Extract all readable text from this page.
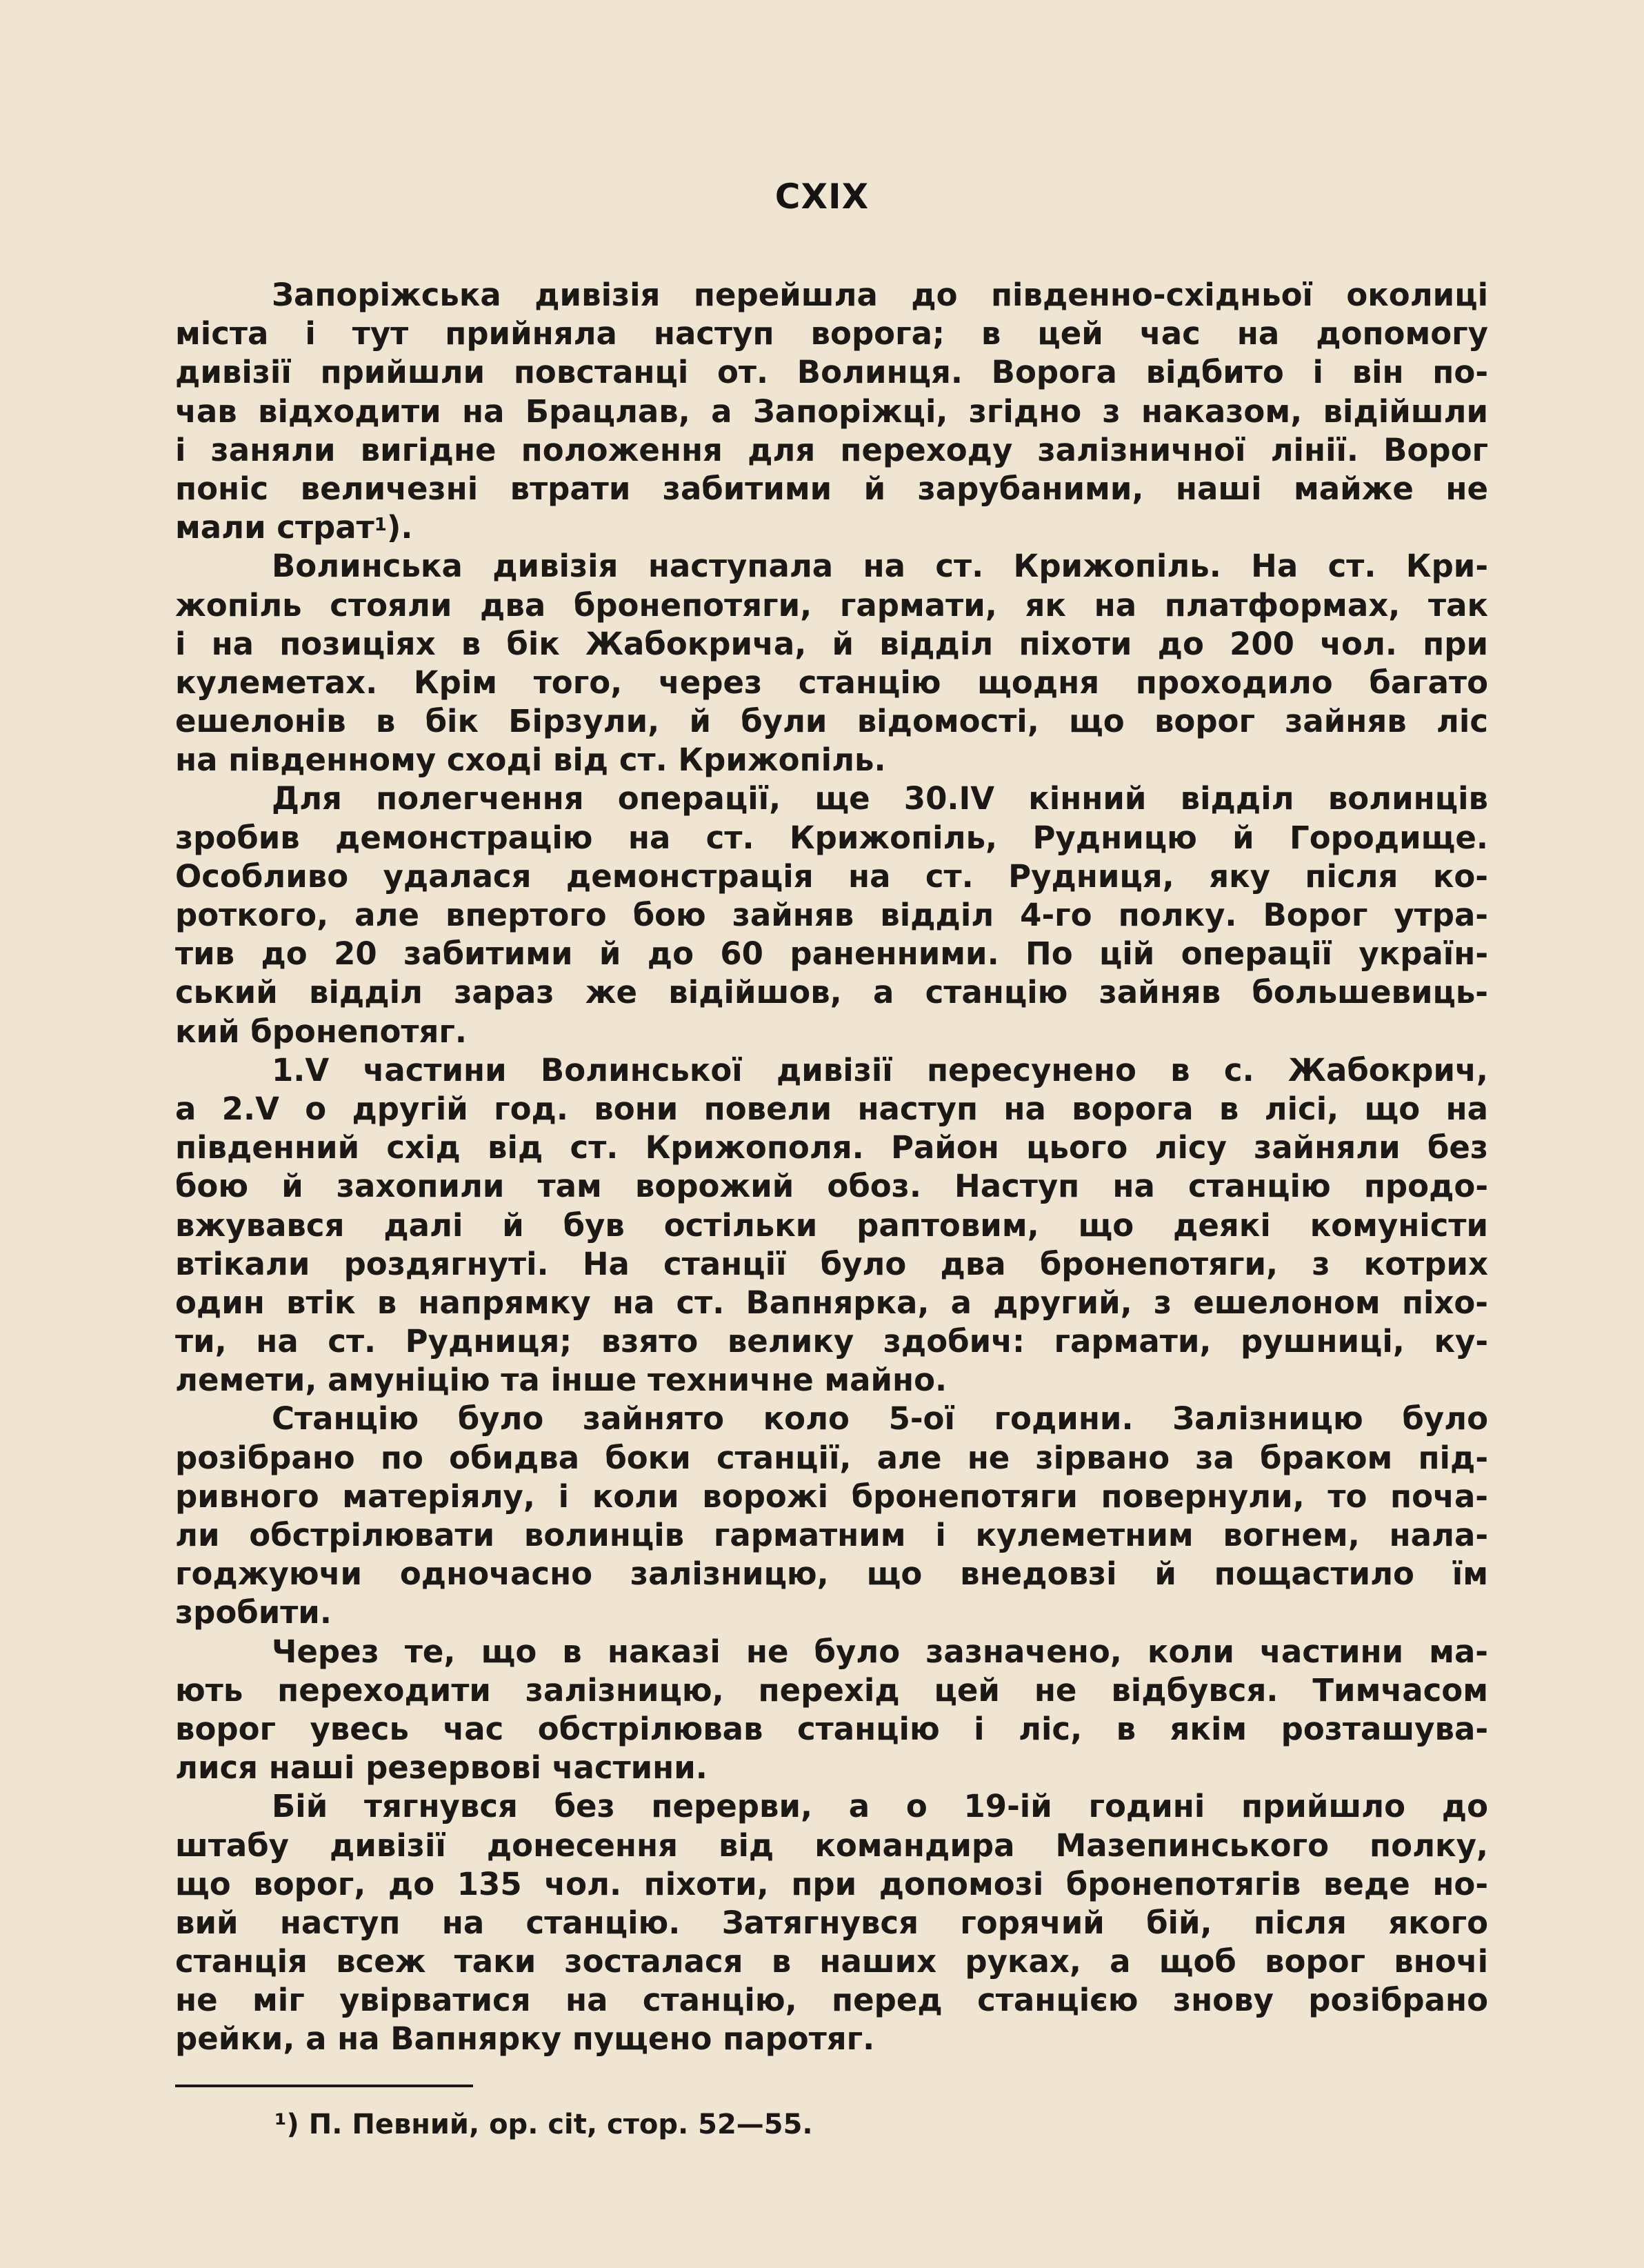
CXIX
Запоріжська дивізія перейшла до південно-східньої околиці
міста і тут прийняла наступ ворога; в цей час на допомогу
дивізії прийшли повстанці от. Волинця. Ворога відбито і він по-
чав відходити на Брацлав, а Запоріжці, згідно з наказом, відійшли
і заняли вигідне положення для переходу залізничної лінії. Ворог
поніс величезні втрати забитими й зарубаними, наші майже не
мали страт$^1$).
Волинська дивізія наступала на ст. Крижопіль. На ст. Кри-
жопіль стояли два бронепотяги, гармати, як на платформах, так
і на позиціях в бік Жабокрича, й відділ піхоти до 200 чол. при
кулеметах. Крім того, через станцію щодня проходило багато
ешелонів в бік Бірзули, й були відомості, що ворог зайняв ліс
на південному сході від ст. Крижопіль.
Для полегчення операції, ще 30.IV кінний відділ волинців
зробив демонстрацію на ст. Крижопіль, Рудницю й Городище.
Особливо удалася демонстрація на ст. Рудниця, яку після ко-
роткого, але впертого бою зайняв відділ 4-го полку. Ворог утра-
тив до 20 забитими й до 60 раненними. По цій операції україн-
ський відділ зараз же відійшов, а станцію зайняв большевиць-
кий бронепотяг.
1.V частини Волинської дивізії пересунено в с. Жабокрич,
а 2.V о другій год. вони повели наступ на ворога в лісі, що на
південний схід від ст. Крижополя. Район цього лісу зайняли без
бою й захопили там ворожий обоз. Наступ на станцію продо-
вжувався далі й був остільки раптовим, що деякі комуністи
втікали роздягнуті. На станції було два бронепотяги, з котрих
один втік в напрямку на ст. Вапнярка, а другий, з ешелоном піхо-
ти, на ст. Рудниця; взято велику здобич: гармати, рушниці, ку-
лемети, амуніцію та інше техничне майно.
Станцію було зайнято коло 5-ої години. Залізницю було
розібрано по обидва боки станції, але не зірвано за браком під-
ривного матеріялу, і коли ворожі бронепотяги повернули, то поча-
ли обстрілювати волинців гарматним і кулеметним вогнем, нала-
годжуючи одночасно залізницю, що внедовзі й пощастило їм
зробити.
Через те, що в наказі не було зазначено, коли частини ма-
ють переходити залізницю, перехід цей не відбувся. Тимчасом
ворог увесь час обстрілював станцію і ліс, в якім розташува-
лися наші резервові частини.
Бій тягнувся без перерви, а о 19-ій годині прийшло до
штабу дивізії донесення від командира Мазепинського полку,
що ворог, до 135 чол. піхоти, при допомозі бронепотягів веде но-
вий наступ на станцію. Затягнувся горячий бій, після якого
станція всеж таки зосталася в наших руках, а щоб ворог вночі
не міг увірватися на станцію, перед станцією знову розібрано
рейки, а на Вапнярку пущено паротяг.
¹) П. Певний, op. cit, стор. 52—55.
